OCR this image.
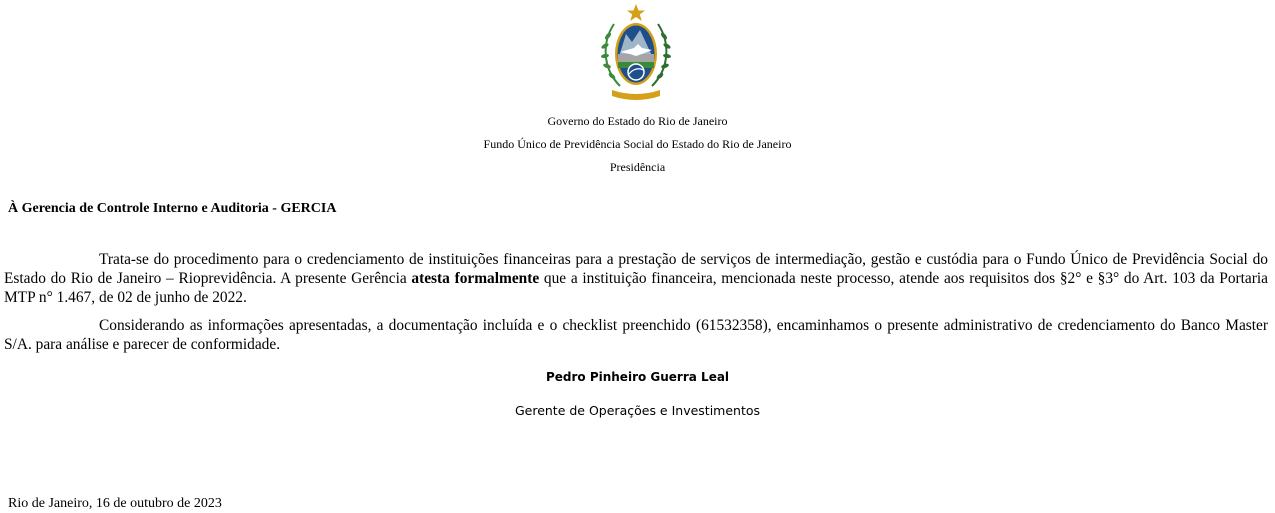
Governo do Estado do Rio de Janeiro
Fundo Único de Previdência Social do Estado do Rio de Janeiro
Presidência
À Gerencia de Controle Interno e Auditoria - GERCIA

Trata-se do procedimento para o credenciamento de instituições financeiras para a prestação de serviços de intermediação, gestão e custódia para o Fundo Único de Previdência Social do Estado do Rio de Janeiro – Rioprevidência. A presente Gerência atesta formalmente que a instituição financeira, mencionada neste processo, atende aos requisitos dos §2° e §3° do Art. 103 da Portaria MTP n° 1.467, de 02 de junho de 2022.

Considerando as informações apresentadas, a documentação incluída e o checklist preenchido (61532358), encaminhamos o presente administrativo de credenciamento do Banco Master S/A. para análise e parecer de conformidade.

Pedro Pinheiro Guerra Leal
Gerente de Operações e Investimentos
Rio de Janeiro, 16 de outubro de 2023
